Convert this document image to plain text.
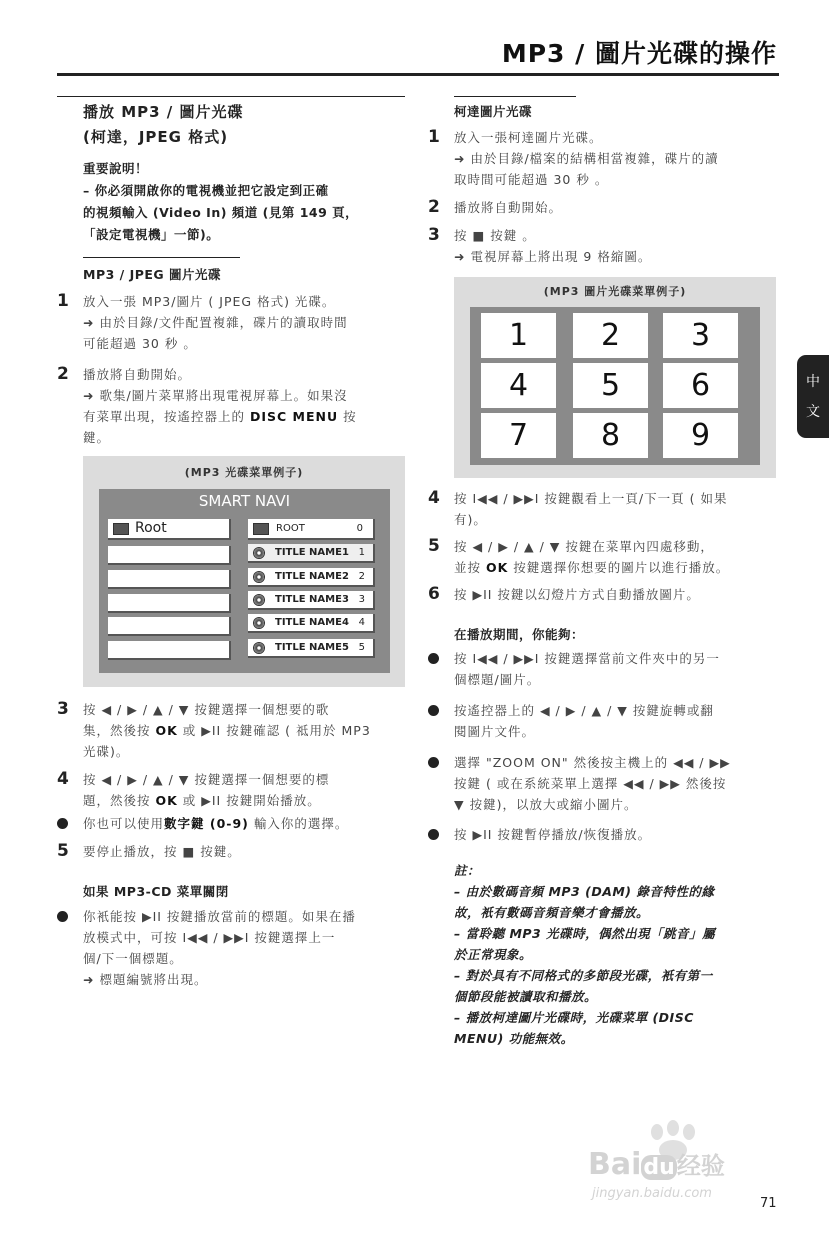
MP3 / 圖片光碟的操作
播放 MP3 / 圖片光碟
(柯達，JPEG 格式)
重要說明！
– 你必須開啟你的電視機並把它設定到正確
的視頻輸入 (Video In) 頻道 (見第 149 頁，
「設定電視機」一節)。
MP3 / JPEG 圖片光碟
1 放入一張 MP3/圖片 ( JPEG 格式) 光碟。
➜ 由於目錄/文件配置複雜，碟片的讀取時間
可能超過 30 秒 。
2 播放將自動開始。
➜ 歌集/圖片菜單將出現電視屏幕上。如果沒
有菜單出現，按遙控器上的 DISC MENU 按
鍵。
(MP3 光碟菜單例子)
SMART NAVI
Root	ROOT	0
TITLE NAME1 1
TITLE NAME2 2
TITLE NAME3 3
TITLE NAME4 4
TITLE NAME5 5
3 按 ◀ / ▶ / ▲ / ▼ 按鍵選擇一個想要的歌
集，然後按 OK 或 ▶II 按鍵確認 ( 祗用於 MP3
光碟)。
4 按 ◀ / ▶ / ▲ / ▼ 按鍵選擇一個想要的標
題，然後按 OK 或 ▶II 按鍵開始播放。
你也可以使用數字鍵 (0-9) 輸入你的選擇。
5 要停止播放，按 ■ 按鍵。
如果 MP3-CD 菜單關閉
你衹能按 ▶II 按鍵播放當前的標題。如果在播
放模式中，可按 I◀◀ / ▶▶I 按鍵選擇上一
個/下一個標題。
➜ 標題編號將出現。
柯達圖片光碟
1 放入一張柯達圖片光碟。
➜ 由於目錄/檔案的結構相當複雜，碟片的讀
取時間可能超過 30 秒 。
2 播放將自動開始。
3 按 ■ 按鍵 。
➜ 電視屏幕上將出現 9 格縮圖。
(MP3 圖片光碟菜單例子)
1	2	3
4	5	6
7	8	9
4 按 I◀◀ / ▶▶I 按鍵觀看上一頁/下一頁 ( 如果
有)。
5 按 ◀ / ▶ / ▲ / ▼ 按鍵在菜單內四處移動，
並按 OK 按鍵選擇你想要的圖片以進行播放。
6 按 ▶II 按鍵以幻燈片方式自動播放圖片。
在播放期間，你能夠：
按 I◀◀ / ▶▶I 按鍵選擇當前文件夾中的另一
個標題/圖片。
按遙控器上的 ◀ / ▶ / ▲ / ▼ 按鍵旋轉或翻
閱圖片文件。
選擇 "ZOOM ON" 然後按主機上的 ◀◀ / ▶▶
按鍵 ( 或在系統菜單上選擇 ◀◀ / ▶▶ 然後按
▼ 按鍵)，以放大或縮小圖片。
按 ▶II 按鍵暫停播放/恢復播放。
註：
– 由於數碼音頻 MP3 (DAM) 錄音特性的緣
故，衹有數碼音頻音樂才會播放。
– 當聆聽 MP3 光碟時，偶然出現「跳音」屬
於正常現象。
– 對於具有不同格式的多節段光碟，衹有第一
個節段能被讀取和播放。
– 播放柯達圖片光碟時，光碟菜單 (DISC
MENU) 功能無效。
中
文
Baidu经验
jingyan.baidu.com
71
